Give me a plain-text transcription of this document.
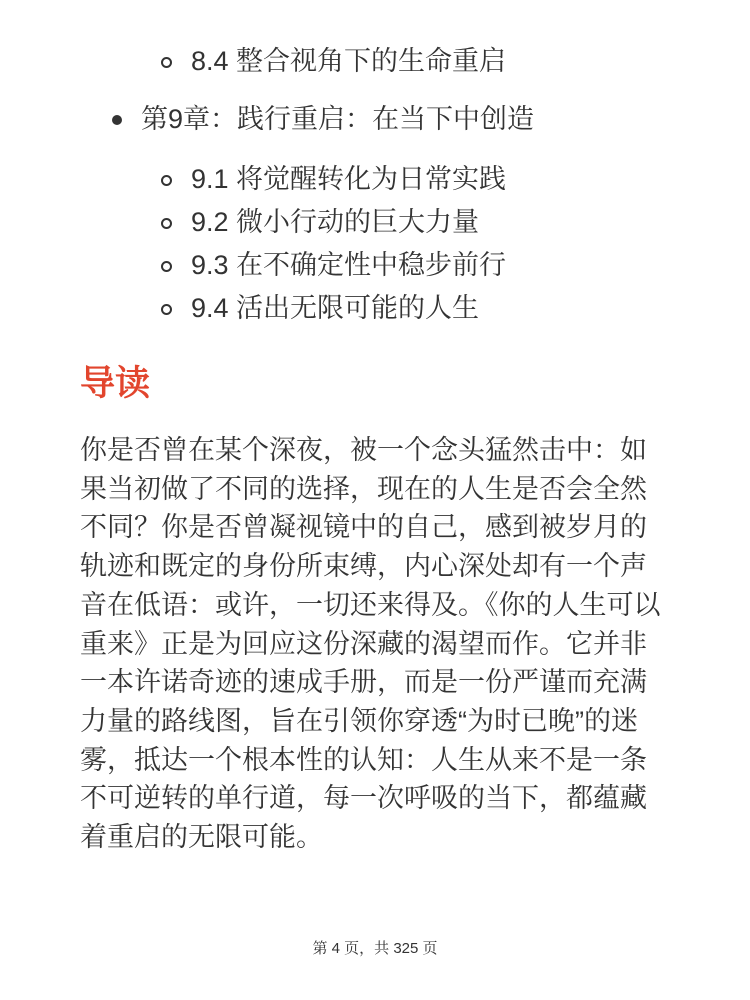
8.4 整合视角下的生命重启
第9章：践行重启：在当下中创造
9.1 将觉醒转化为日常实践
9.2 微小行动的巨大力量
9.3 在不确定性中稳步前行
9.4 活出无限可能的人生
导读
你是否曾在某个深夜，被一个念头猛然击中：如果当初做了不同的选择，现在的人生是否会全然不同？你是否曾凝视镜中的自己，感到被岁月的轨迹和既定的身份所束缚，内心深处却有一个声音在低语：或许，一切还来得及。《你的人生可以重来》正是为回应这份深藏的渴望而作。它并非一本许诺奇迹的速成手册，而是一份严谨而充满力量的路线图，旨在引领你穿透“为时已晚”的迷雾，抵达一个根本性的认知：人生从来不是一条不可逆转的单行道，每一次呼吸的当下，都蕴藏着重启的无限可能。
第 4 页，共 325 页
